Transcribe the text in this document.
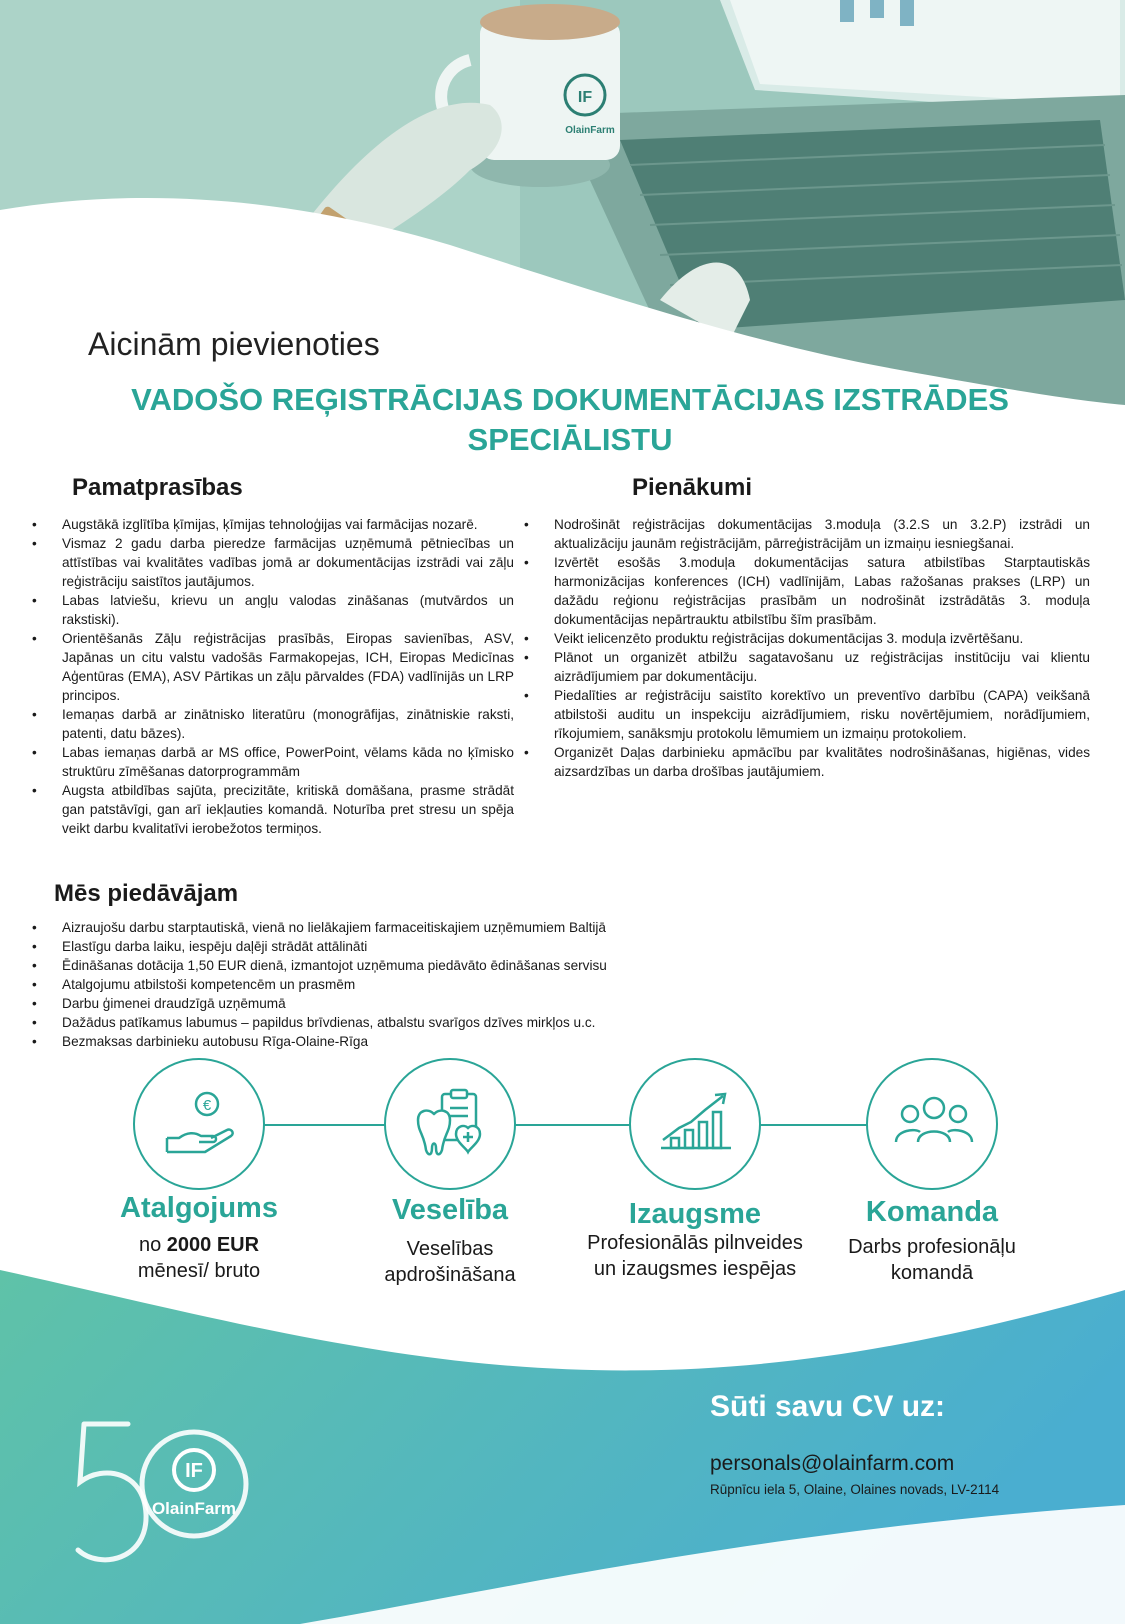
IF
OlainFarm
Aicinām pievienoties
VADOŠO REĢISTRĀCIJAS DOKUMENTĀCIJAS IZSTRĀDES
SPECIĀLISTU
Pamatprasības
• Augstākā izglītība ķīmijas, ķīmijas tehnoloģijas vai farmācijas nozarē.
• Vismaz 2 gadu darba pieredze farmācijas uzņēmumā pētniecības un attīstības vai kvalitātes vadības jomā ar dokumentācijas izstrādi vai zāļu reģistrāciju saistītos jautājumos.
• Labas latviešu, krievu un angļu valodas zināšanas (mutvārdos un rakstiski).
• Orientēšanās Zāļu reģistrācijas prasībās, Eiropas savienības, ASV, Japānas un citu valstu vadošās Farmakopejas, ICH, Eiropas Medicīnas Aģentūras (EMA), ASV Pārtikas un zāļu pārvaldes (FDA) vadlīnijās un LRP principos.
• Iemaņas darbā ar zinātnisko literatūru (monogrāfijas, zinātniskie raksti, patenti, datu bāzes).
• Labas iemaņas darbā ar MS office, PowerPoint, vēlams kāda no ķīmisko struktūru zīmēšanas datorprogrammām
• Augsta atbildības sajūta, precizitāte, kritiskā domāšana, prasme strādāt gan patstāvīgi, gan arī iekļauties komandā. Noturība pret stresu un spēja veikt darbu kvalitatīvi ierobežotos termiņos.
Pienākumi
• Nodrošināt reģistrācijas dokumentācijas 3.moduļa (3.2.S un 3.2.P) izstrādi un aktualizāciju jaunām reģistrācijām, pārreģistrācijām un izmaiņu iesniegšanai.
• Izvērtēt esošās 3.moduļa dokumentācijas satura atbilstības Starptautiskās harmonizācijas konferences (ICH) vadlīnijām, Labas ražošanas prakses (LRP) un dažādu reģionu reģistrācijas prasībām un nodrošināt izstrādātās 3. moduļa dokumentācijas nepārtrauktu atbilstību šīm prasībām.
• Veikt ielicenzēto produktu reģistrācijas dokumentācijas 3. moduļa izvērtēšanu.
• Plānot un organizēt atbilžu sagatavošanu uz reģistrācijas institūciju vai klientu aizrādījumiem par dokumentāciju.
• Piedalīties ar reģistrāciju saistīto korektīvo un preventīvo darbību (CAPA) veikšanā atbilstoši auditu un inspekciju aizrādījumiem, risku novērtējumiem, norādījumiem, rīkojumiem, sanāksmju protokolu lēmumiem un izmaiņu protokoliem.
• Organizēt Daļas darbinieku apmācību par kvalitātes nodrošināšanas, higiēnas, vides aizsardzības un darba drošības jautājumiem.
Mēs piedāvājam
• Aizraujošu darbu starptautiskā, vienā no lielākajiem farmaceitiskajiem uzņēmumiem Baltijā
• Elastīgu darba laiku, iespēju daļēji strādāt attālināti
• Ēdināšanas dotācija 1,50 EUR dienā, izmantojot uzņēmuma piedāvāto ēdināšanas servisu
• Atalgojumu atbilstoši kompetencēm un prasmēm
• Darbu ģimenei draudzīgā uzņēmumā
• Dažādus patīkamus labumus – papildus brīvdienas, atbalstu svarīgos dzīves mirkļos u.c.
• Bezmaksas darbinieku autobusu Rīga-Olaine-Rīga
€
Atalgojums
no 2000 EUR
mēnesī/ bruto
Veselība
Veselības
apdrošināšana
Izaugsme
Profesionālās pilnveides
un izaugsmes iespējas
Komanda
Darbs profesionāļu
komandā
Sūti savu CV uz:
personals@olainfarm.com
Rūpnīcu iela 5, Olaine, Olaines novads, LV-2114
IF
OlainFarm
